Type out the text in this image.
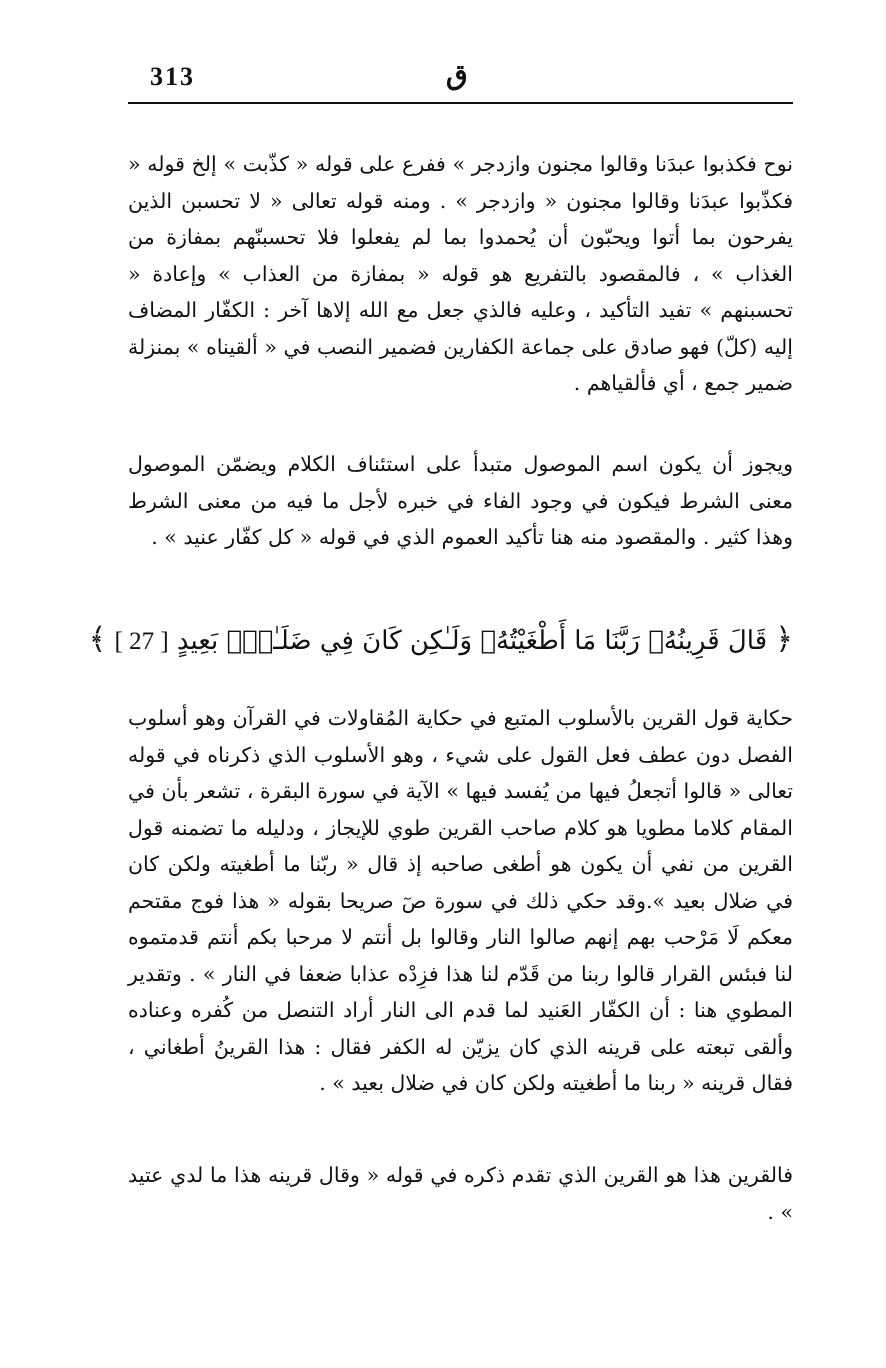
313	ق

نوح فكذبوا عبدَنا وقالوا مجنون وازدجر » ففرع على قوله « كذّبت » إلخ قوله « فكذّبوا عبدَنا وقالوا مجنون « وازدجر » . ومنه قوله تعالى « لا تحسبن الذين يفرحون بما أتوا ويحبّون أن يُحمدوا بما لم يفعلوا فلا تحسبنّهم بمفازة من الغذاب » ، فالمقصود بالتفريع هو قوله « بمفازة من العذاب » وإعادة « تحسبنهم » تفيد التأكيد ، وعليه فالذي جعل مع الله إلاها آخر : الكفّار المضاف إليه (كلّ) فهو صادق على جماعة الكفارين فضمير النصب في « ألقيناه » بمنزلة ضمير جمع ، أي فألقياهم .

ويجوز أن يكون اسم الموصول متبدأ على استئناف الكلام ويضمّن الموصول معنى الشرط فيكون في وجود الفاء في خبره لأجل ما فيه من معنى الشرط وهذا كثير . والمقصود منه هنا تأكيد العموم الذي في قوله « كل كفّار عنيد » .

﴿ قَالَ قَرِينُهُۥ رَبَّنَا مَا أَطْغَيْتُهُۥ وَلَـٰكِن كَانَ فِي ضَلَـٰلٍۭ بَعِيدٍ [ 27 ] ﴾

حكاية قول القرين بالأسلوب المتبع في حكاية المُقاولات في القرآن وهو أسلوب الفصل دون عطف فعل القول على شيء ، وهو الأسلوب الذي ذكرناه في قوله تعالى « قالوا أتجعلُ فيها من يُفسد فيها » الآية في سورة البقرة ، تشعر بأن في المقام كلاما مطويا هو كلام صاحب القرين طوي للإيجاز ، ودليله ما تضمنه قول القرين من نفي أن يكون هو أطغى صاحبه إذ قال « ربّنا ما أطغيته ولكن كان في ضلال بعيد ».وقد حكي ذلك في سورة صٓ صريحا بقوله « هذا فوج مقتحم معكم لَا مَرْحب بهم إنهم صالوا النار وقالوا بل أنتم لا مرحبا بكم أنتم قدمتموه لنا فبئس القرار قالوا ربنا من قَدّم لنا هذا فزِدْه عذابا ضعفا في النار » . وتقدير المطوي هنا : أن الكفّار العَنيد لما قدم الى النار أراد التنصل من كُفره وعناده وألقى تبعته على قرينه الذي كان يزيّن له الكفر فقال : هذا القرينُ أطغاني ، فقال قرينه « ربنا ما أطغيته ولكن كان في ضلال بعيد » .

فالقرين هذا هو القرين الذي تقدم ذكره في قوله « وقال قرينه هذا ما لدي عتيد » .
